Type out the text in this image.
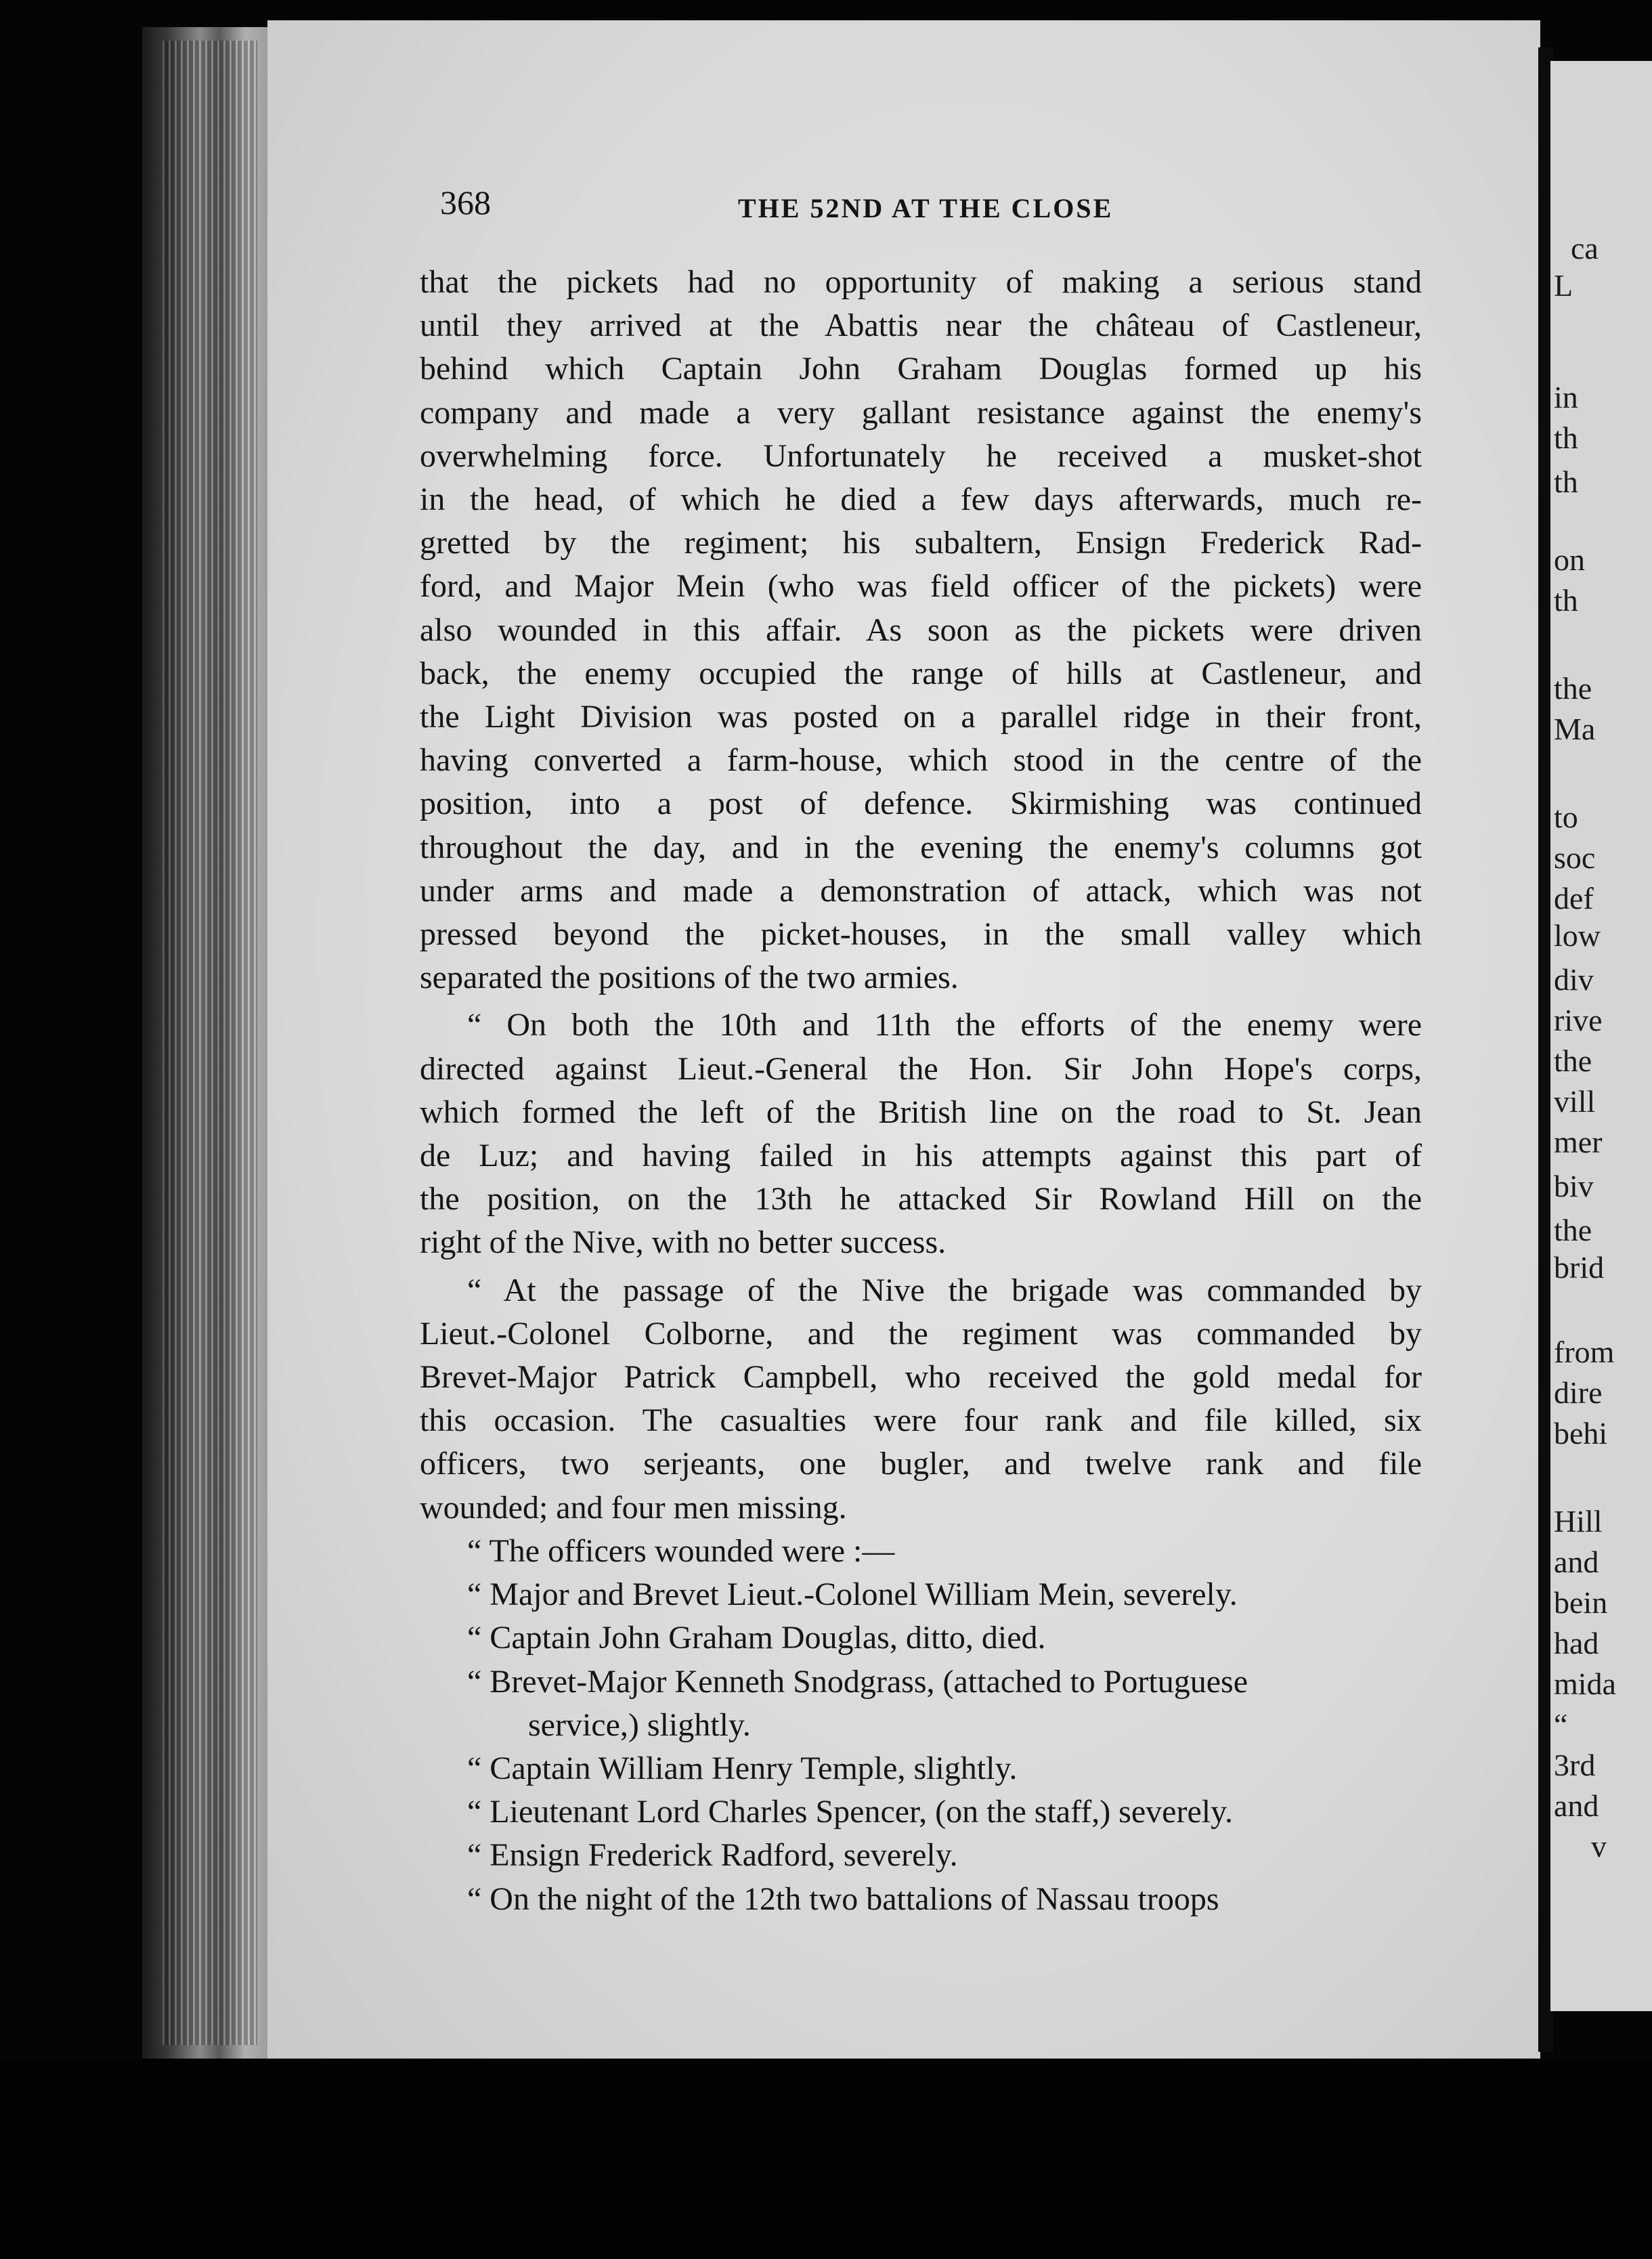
368	THE 52ND AT THE CLOSE
that the pickets had no opportunity of making a serious stand
until they arrived at the Abattis near the château of Castleneur,
behind which Captain John Graham Douglas formed up his
company and made a very gallant resistance against the enemy's
overwhelming force. Unfortunately he received a musket-shot
in the head, of which he died a few days afterwards, much re-
gretted by the regiment; his subaltern, Ensign Frederick Rad-
ford, and Major Mein (who was field officer of the pickets) were
also wounded in this affair. As soon as the pickets were driven
back, the enemy occupied the range of hills at Castleneur, and
the Light Division was posted on a parallel ridge in their front,
having converted a farm-house, which stood in the centre of the
position, into a post of defence. Skirmishing was continued
throughout the day, and in the evening the enemy's columns got
under arms and made a demonstration of attack, which was not
pressed beyond the picket-houses, in the small valley which
separated the positions of the two armies.
“ On both the 10th and 11th the efforts of the enemy were
directed against Lieut.-General the Hon. Sir John Hope's corps,
which formed the left of the British line on the road to St. Jean
de Luz; and having failed in his attempts against this part of
the position, on the 13th he attacked Sir Rowland Hill on the
right of the Nive, with no better success.
“ At the passage of the Nive the brigade was commanded by
Lieut.-Colonel Colborne, and the regiment was commanded by
Brevet-Major Patrick Campbell, who received the gold medal for
this occasion. The casualties were four rank and file killed, six
officers, two serjeants, one bugler, and twelve rank and file
wounded; and four men missing.
“ The officers wounded were :—
“ Major and Brevet Lieut.-Colonel William Mein, severely.
“ Captain John Graham Douglas, ditto, died.
“ Brevet-Major Kenneth Snodgrass, (attached to Portuguese
service,) slightly.
“ Captain William Henry Temple, slightly.
“ Lieutenant Lord Charles Spencer, (on the staff,) severely.
“ Ensign Frederick Radford, severely.
“ On the night of the 12th two battalions of Nassau troops
ca
L
in
th
th
on
th
the
Ma
to
soc
def
low
div
rive
the
vill
mer
biv
the
brid
from
dire
behi
Hill
and
bein
had
mida
“
3rd
and
v
